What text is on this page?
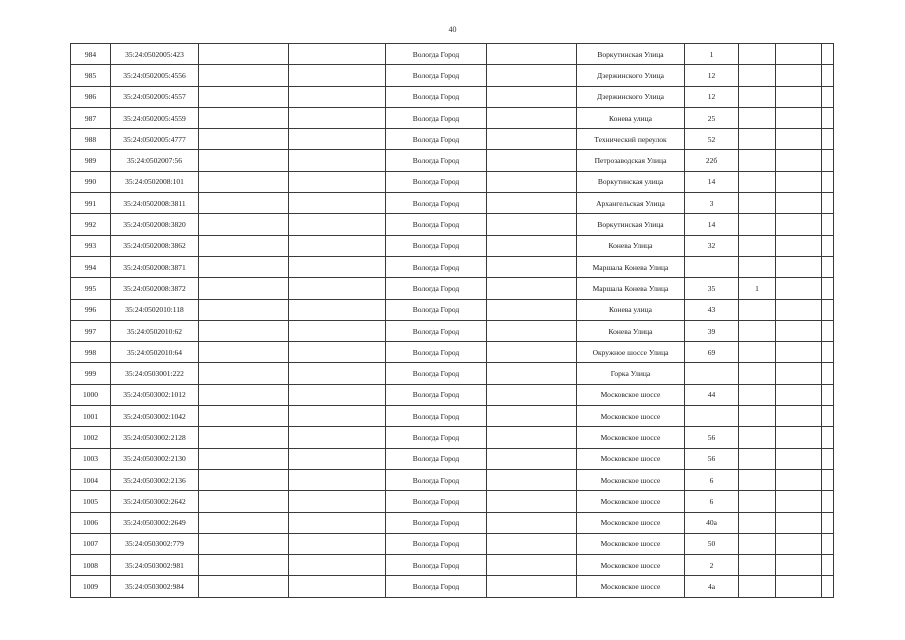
40
984	35:24:0502005:423			Вологда Город		Воркутинская Улица	1			
985	35:24:0502005:4556			Вологда Город		Дзержинского Улица	12			
986	35:24:0502005:4557			Вологда Город		Дзержинского Улица	12			
987	35:24:0502005:4559			Вологда Город		Конева улица	25			
988	35:24:0502005:4777			Вологда Город		Технический переулок	52			
989	35:24:0502007:56			Вологда Город		Петрозаводская Улица	22б			
990	35:24:0502008:101			Вологда Город		Воркутинская улица	14			
991	35:24:0502008:3811			Вологда Город		Архангельская Улица	3			
992	35:24:0502008:3820			Вологда Город		Воркутинская Улица	14			
993	35:24:0502008:3862			Вологда Город		Конева Улица	32			
994	35:24:0502008:3871			Вологда Город		Маршала Конева Улица				
995	35:24:0502008:3872			Вологда Город		Маршала Конева Улица	35	1		
996	35:24:0502010:118			Вологда Город		Конева улица	43			
997	35:24:0502010:62			Вологда Город		Конева Улица	39			
998	35:24:0502010:64			Вологда Город		Окружное шоссе Улица	69			
999	35:24:0503001:222			Вологда Город		Горка Улица				
1000	35:24:0503002:1012			Вологда Город		Московское шоссе	44			
1001	35:24:0503002:1042			Вологда Город		Московское шоссе				
1002	35:24:0503002:2128			Вологда Город		Московское шоссе	56			
1003	35:24:0503002:2130			Вологда Город		Московское шоссе	56			
1004	35:24:0503002:2136			Вологда Город		Московское шоссе	6			
1005	35:24:0503002:2642			Вологда Город		Московское шоссе	6			
1006	35:24:0503002:2649			Вологда Город		Московское шоссе	40а			
1007	35:24:0503002:779			Вологда Город		Московское шоссе	50			
1008	35:24:0503002:981			Вологда Город		Московское шоссе	2			
1009	35:24:0503002:984			Вологда Город		Московское шоссе	4а			
